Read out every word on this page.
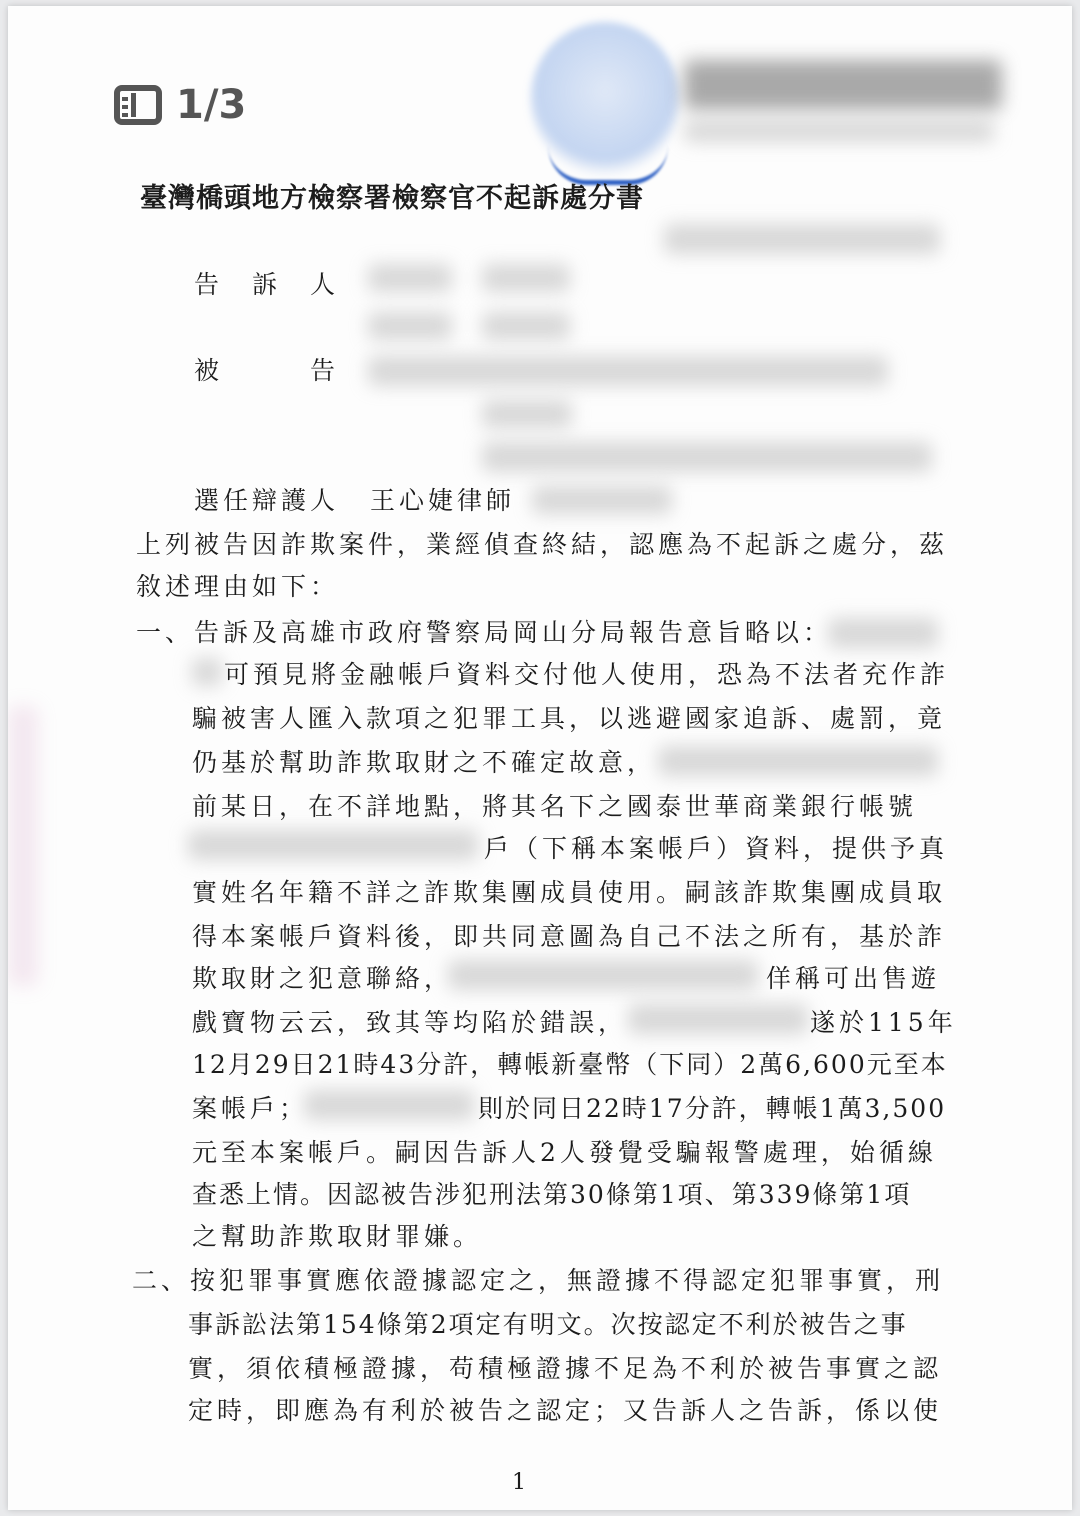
1/3
臺灣橋頭地方檢察署檢察官不起訴處分書
告　訴　人
被　　　告
選任辯護人 王心婕律師
上列被告因詐欺案件，業經偵查終結，認應為不起訴之處分，茲
敘述理由如下：
一、告訴及高雄市政府警察局岡山分局報告意旨略以：
可預見將金融帳戶資料交付他人使用，恐為不法者充作詐
騙被害人匯入款項之犯罪工具，以逃避國家追訴、處罰，竟
仍基於幫助詐欺取財之不確定故意，
前某日，在不詳地點，將其名下之國泰世華商業銀行帳號
戶（下稱本案帳戶）資料，提供予真
實姓名年籍不詳之詐欺集團成員使用。嗣該詐欺集團成員取
得本案帳戶資料後，即共同意圖為自己不法之所有，基於詐
欺取財之犯意聯絡，	佯稱可出售遊
戲寶物云云，致其等均陷於錯誤，	遂於115年
12月29日21時43分許，轉帳新臺幣（下同）2萬6,600元至本
案帳戶；	則於同日22時17分許，轉帳1萬3,500
元至本案帳戶。嗣因告訴人2人發覺受騙報警處理，始循線
查悉上情。因認被告涉犯刑法第30條第1項、第339條第1項
之幫助詐欺取財罪嫌。
二、按犯罪事實應依證據認定之，無證據不得認定犯罪事實，刑
事訴訟法第154條第2項定有明文。次按認定不利於被告之事
實，須依積極證據，苟積極證據不足為不利於被告事實之認
定時，即應為有利於被告之認定；又告訴人之告訴，係以使
1
